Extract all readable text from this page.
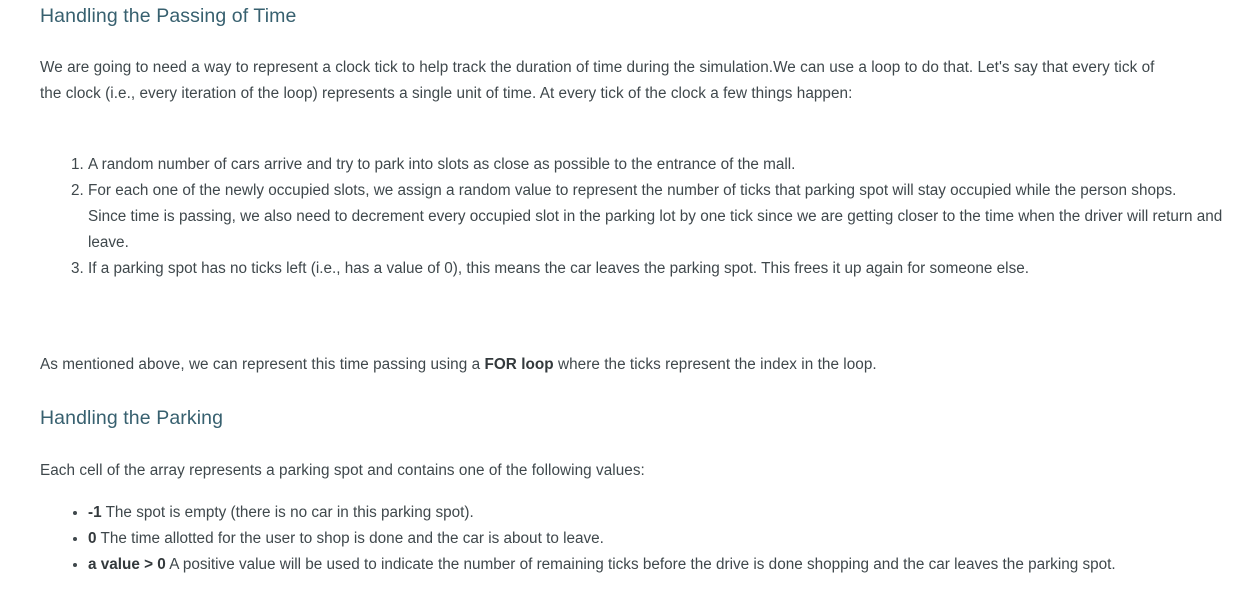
Handling the Passing of Time

We are going to need a way to represent a clock tick to help track the duration of time during the simulation.We can use a loop to do that. Let's say that every tick of the clock (i.e., every iteration of the loop) represents a single unit of time. At every tick of the clock a few things happen:

1. A random number of cars arrive and try to park into slots as close as possible to the entrance of the mall.
2. For each one of the newly occupied slots, we assign a random value to represent the number of ticks that parking spot will stay occupied while the person shops.
Since time is passing, we also need to decrement every occupied slot in the parking lot by one tick since we are getting closer to the time when the driver will return and leave.
3. If a parking spot has no ticks left (i.e., has a value of 0), this means the car leaves the parking spot. This frees it up again for someone else.

As mentioned above, we can represent this time passing using a FOR loop where the ticks represent the index in the loop.

Handling the Parking

Each cell of the array represents a parking spot and contains one of the following values:

• -1 The spot is empty (there is no car in this parking spot).
• 0 The time allotted for the user to shop is done and the car is about to leave.
• a value > 0 A positive value will be used to indicate the number of remaining ticks before the drive is done shopping and the car leaves the parking spot.
